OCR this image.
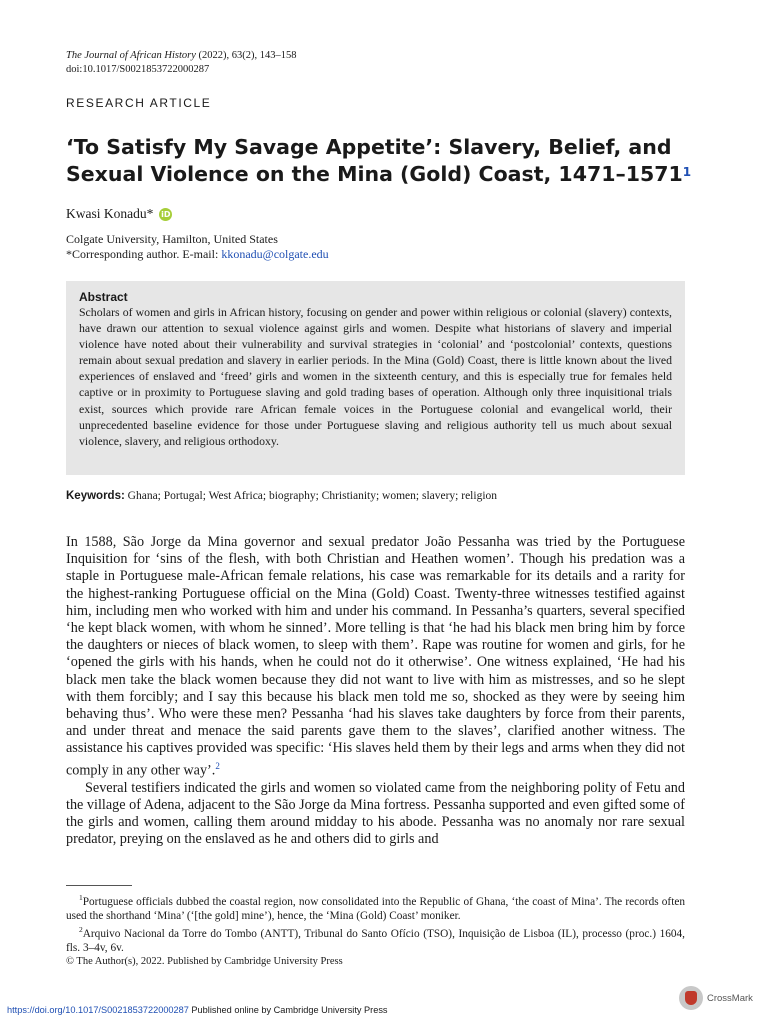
The Journal of African History (2022), 63(2), 143–158
doi:10.1017/S0021853722000287
RESEARCH ARTICLE
‘To Satisfy My Savage Appetite’: Slavery, Belief, and Sexual Violence on the Mina (Gold) Coast, 1471–1571$^1$
Kwasi Konadu * iD
Colgate University, Hamilton, United States
*Corresponding author. E-mail: kkonadu@colgate.edu
Abstract

Scholars of women and girls in African history, focusing on gender and power within religious or colonial (slavery) contexts, have drawn our attention to sexual violence against girls and women. Despite what historians of slavery and imperial violence have noted about their vulnerability and survival strategies in ‘colonial’ and ‘postcolonial’ contexts, questions remain about sexual predation and slavery in earlier periods. In the Mina (Gold) Coast, there is little known about the lived experiences of enslaved and ‘freed’ girls and women in the sixteenth century, and this is especially true for females held captive or in proximity to Portuguese slaving and gold trading bases of operation. Although only three inquisitional trials exist, sources which provide rare African female voices in the Portuguese colonial and evangelical world, their unprecedented baseline evidence for those under Portuguese slaving and religious authority tell us much about sexual violence, slavery, and religious orthodoxy.

Keywords: Ghana; Portugal; West Africa; biography; Christianity; women; slavery; religion

In 1588, São Jorge da Mina governor and sexual predator João Pessanha was tried by the Portuguese Inquisition for ‘sins of the flesh, with both Christian and Heathen women’. Though his predation was a staple in Portuguese male-African female relations, his case was remarkable for its details and a rarity for the highest-ranking Portuguese official on the Mina (Gold) Coast. Twenty-three witnesses testified against him, including men who worked with him and under his command. In Pessanha’s quarters, several specified ‘he kept black women, with whom he sinned’. More telling is that ‘he had his black men bring him by force the daughters or nieces of black women, to sleep with them’. Rape was routine for women and girls, for he ‘opened the girls with his hands, when he could not do it otherwise’. One witness explained, ‘He had his black men take the black women because they did not want to live with him as mistresses, and so he slept with them forcibly; and I say this because his black men told me so, shocked as they were by seeing him behaving thus’. Who were these men? Pessanha ‘had his slaves take daughters by force from their parents, and under threat and menace the said parents gave them to the slaves’, clarified another witness. The assistance his captives provided was specific: ‘His slaves held them by their legs and arms when they did not comply in any other way’.$^2$

Several testifiers indicated the girls and women so violated came from the neighboring polity of Fetu and the village of Adena, adjacent to the São Jorge da Mina fortress. Pessanha supported and even gifted some of the girls and women, calling them around midday to his abode. Pessanha was no anomaly nor rare sexual predator, preying on the enslaved as he and others did to girls and

$^1$Portuguese officials dubbed the coastal region, now consolidated into the Republic of Ghana, ‘the coast of Mina’. The records often used the shorthand ‘Mina’ (‘[the gold] mine’), hence, the ‘Mina (Gold) Coast’ moniker.

$^2$Arquivo Nacional da Torre do Tombo (ANTT), Tribunal do Santo Ofício (TSO), Inquisição de Lisboa (IL), processo (proc.) 1604, fls. 3–4v, 6v.

© The Author(s), 2022. Published by Cambridge University Press
https://doi.org/10.1017/S0021853722000287 Published online by Cambridge University Press
CrossMark
